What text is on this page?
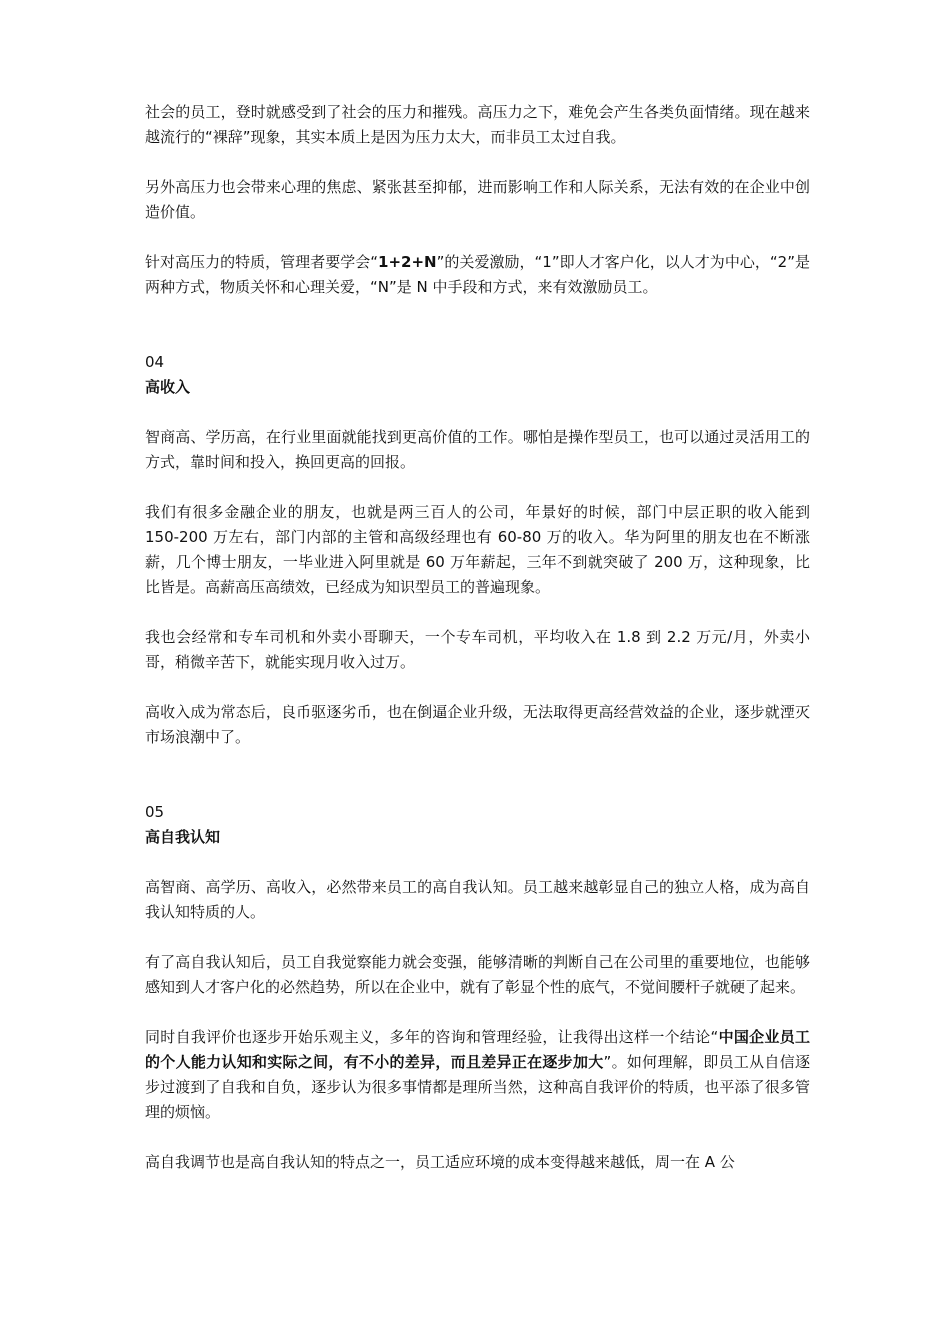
社会的员工，登时就感受到了社会的压力和摧残。高压力之下，难免会产生各类负面情绪。现在越来越流行的“裸辞”现象，其实本质上是因为压力太大，而非员工太过自我。

另外高压力也会带来心理的焦虑、紧张甚至抑郁，进而影响工作和人际关系，无法有效的在企业中创造价值。

针对高压力的特质，管理者要学会“1+2+N”的关爱激励，“1”即人才客户化，以人才为中心，“2”是两种方式，物质关怀和心理关爱，“N”是 N 中手段和方式，来有效激励员工。

04

高收入

智商高、学历高，在行业里面就能找到更高价值的工作。哪怕是操作型员工，也可以通过灵活用工的方式，靠时间和投入，换回更高的回报。

我们有很多金融企业的朋友，也就是两三百人的公司，年景好的时候，部门中层正职的收入能到 150-200 万左右，部门内部的主管和高级经理也有 60-80 万的收入。华为阿里的朋友也在不断涨薪，几个博士朋友，一毕业进入阿里就是 60 万年薪起，三年不到就突破了 200 万，这种现象，比比皆是。高薪高压高绩效，已经成为知识型员工的普遍现象。

我也会经常和专车司机和外卖小哥聊天，一个专车司机，平均收入在 1.8 到 2.2 万元/月，外卖小哥，稍微辛苦下，就能实现月收入过万。

高收入成为常态后，良币驱逐劣币，也在倒逼企业升级，无法取得更高经营效益的企业，逐步就湮灭市场浪潮中了。

05

高自我认知

高智商、高学历、高收入，必然带来员工的高自我认知。员工越来越彰显自己的独立人格，成为高自我认知特质的人。

有了高自我认知后，员工自我觉察能力就会变强，能够清晰的判断自己在公司里的重要地位，也能够感知到人才客户化的必然趋势，所以在企业中，就有了彰显个性的底气，不觉间腰杆子就硬了起来。

同时自我评价也逐步开始乐观主义，多年的咨询和管理经验，让我得出这样一个结论“中国企业员工的个人能力认知和实际之间，有不小的差异，而且差异正在逐步加大”。如何理解，即员工从自信逐步过渡到了自我和自负，逐步认为很多事情都是理所当然，这种高自我评价的特质，也平添了很多管理的烦恼。

高自我调节也是高自我认知的特点之一，员工适应环境的成本变得越来越低，周一在 A 公
